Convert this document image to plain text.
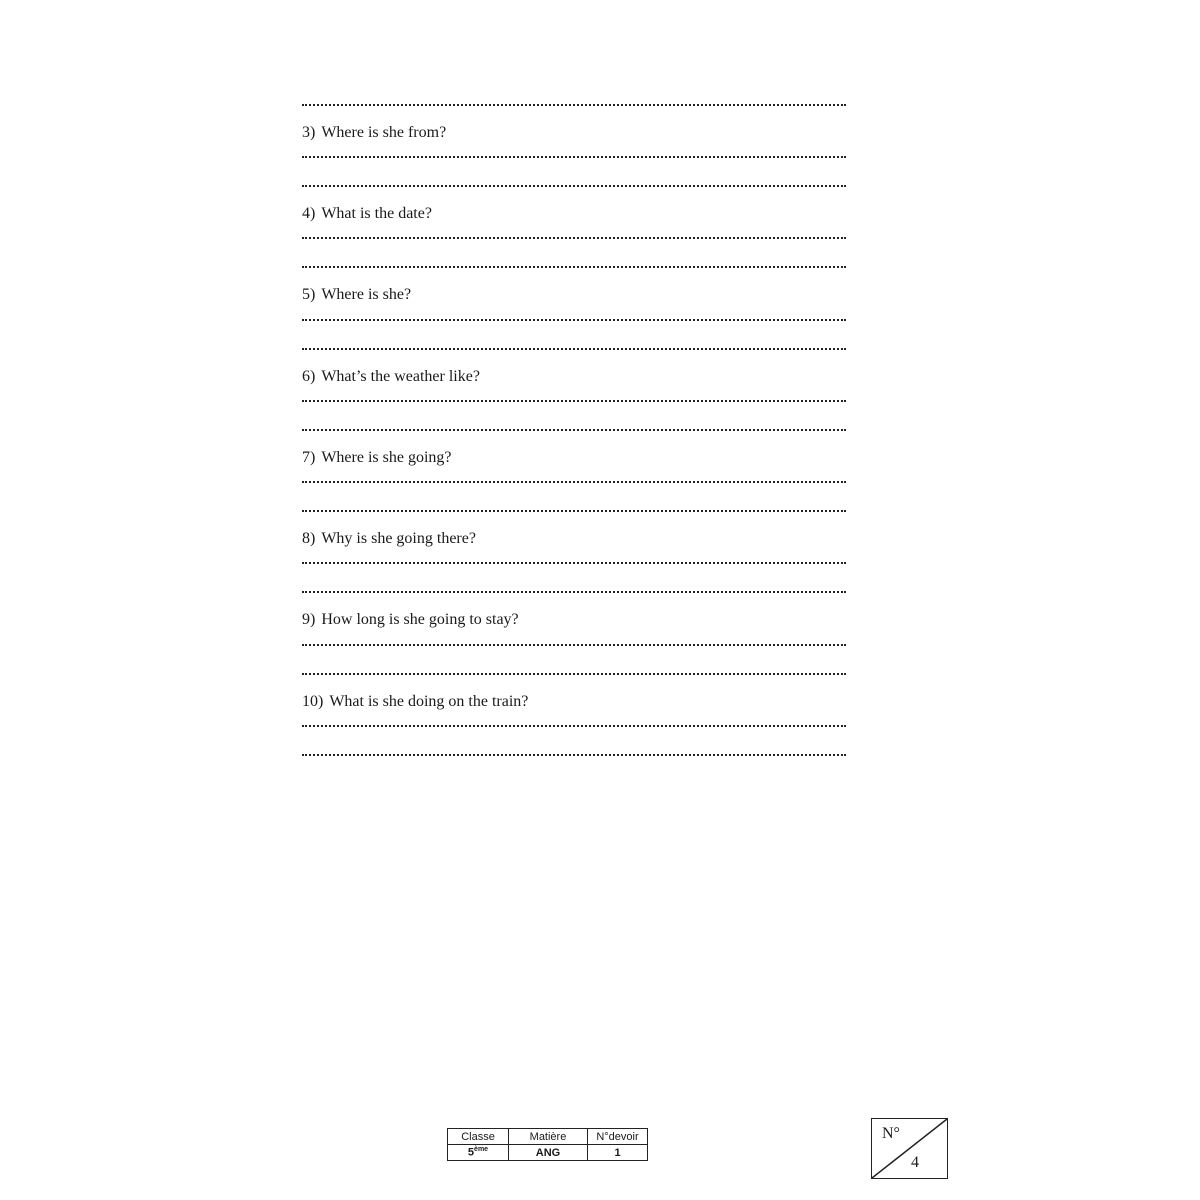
3) Where is she from?
4) What is the date?
5) Where is she?
6) What’s the weather like?
7) Where is she going?
8) Why is she going there?
9) How long is she going to stay?
10) What is she doing on the train?
Classe	Matière	N°devoir
5ème	ANG	1
N°
4
